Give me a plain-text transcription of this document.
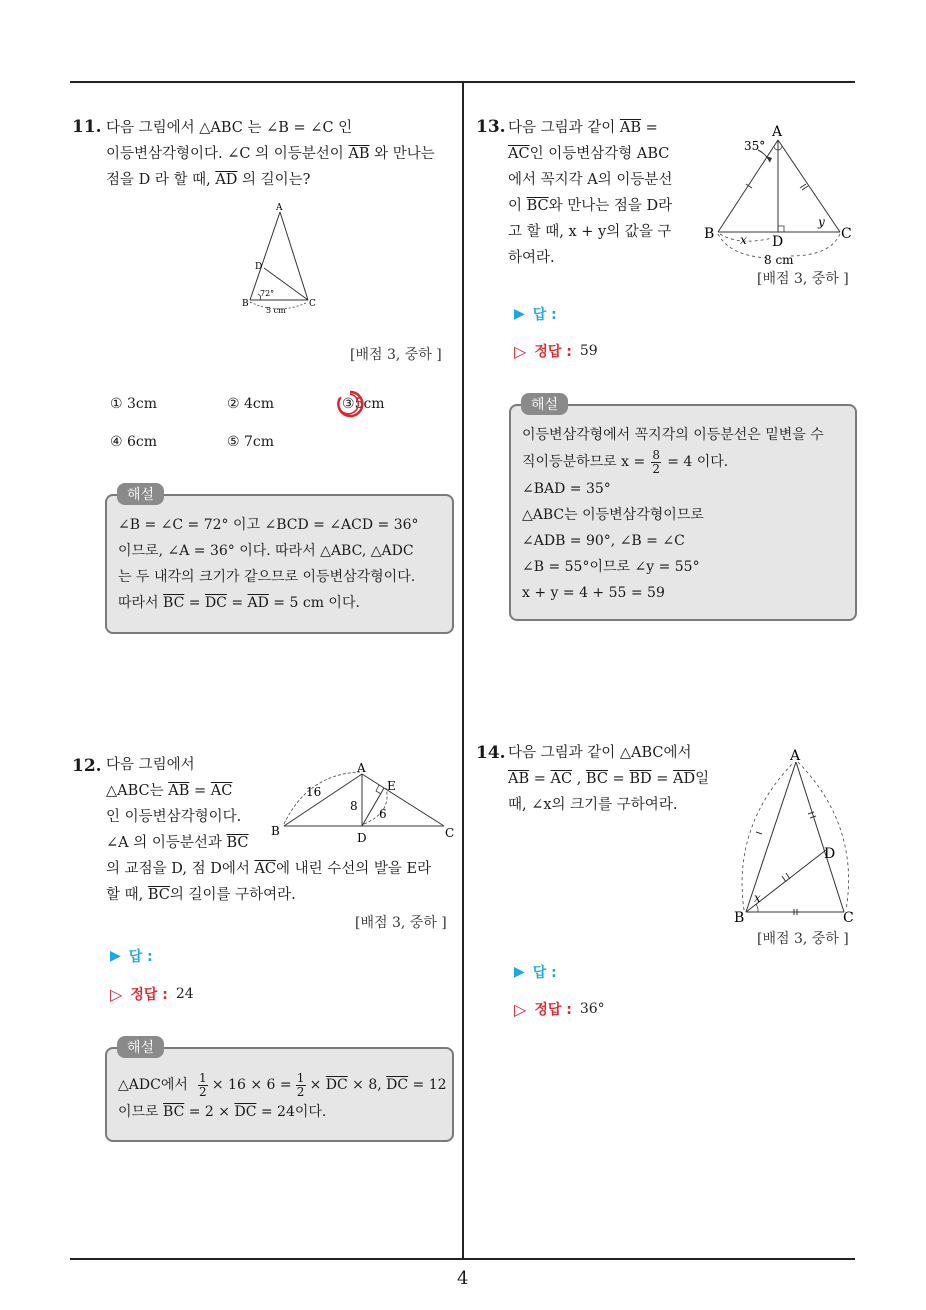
11. 다음 그림에서 △ABC 는 ∠B = ∠C 인
이등변삼각형이다. ∠C 의 이등분선이 $\overline{AB}$ 와 만나는
점을 D 라 할 때, $\overline{AD}$ 의 길이는?
A
B	C
D
72°
5 cm
[배점 3, 중하 ]
① 3cm	② 4cm	③5cm
④ 6cm	⑤ 7cm
해설
∠B = ∠C = 72° 이고 ∠BCD = ∠ACD = 36°
이므로, ∠A = 36° 이다. 따라서 △ABC, △ADC
는 두 내각의 크기가 같으므로 이등변삼각형이다.
따라서 $\overline{BC} = \overline{DC} = \overline{AD} = 5$ cm 이다.
12. 다음 그림에서
△ABC는 $\overline{AB} = \overline{AC}$
인 이등변삼각형이다.
∠A 의 이등분선과 $\overline{BC}$
의 교점을 D, 점 D에서 $\overline{AC}$에 내린 수선의 발을 E라
할 때, $\overline{BC}$의 길이를 구하여라.
A
B	C
D
E
16
8
6
[배점 3, 중하 ]
▶ 답 :
▷ 정답 : 24
해설
△ADC에서 $\frac{1}{2} \times 16 \times 6 = \frac{1}{2} \times \overline{DC} \times 8$, $\overline{DC} = 12$
이므로 $\overline{BC} = 2 \times \overline{DC} = 24$이다.
13. 다음 그림과 같이 $\overline{AB}$ =
$\overline{AC}$인 이등변삼각형 ABC
에서 꼭지각 A의 이등분선
이 $\overline{BC}$와 만나는 점을 D라
고 할 때, x + y의 값을 구
하여라.
A
B	C
D
35°
x
y
8 cm
[배점 3, 중하 ]
▶ 답 :
▷ 정답 : 59
해설
이등변삼각형에서 꼭지각의 이등분선은 밑변을 수
직이등분하므로 $x = \frac{8}{2} = 4$ 이다.
∠BAD = 35°
△ABC는 이등변삼각형이므로
∠ADB = 90°, ∠B = ∠C
∠B = 55°이므로 ∠y = 55°
x + y = 4 + 55 = 59
14. 다음 그림과 같이 △ABC에서
$\overline{AB} = \overline{AC}$ , $\overline{BC} = \overline{BD} = \overline{AD}$일
때, ∠x의 크기를 구하여라.
A
B	C
D
x
[배점 3, 중하 ]
▶ 답 :
▷ 정답 : 36°
4
